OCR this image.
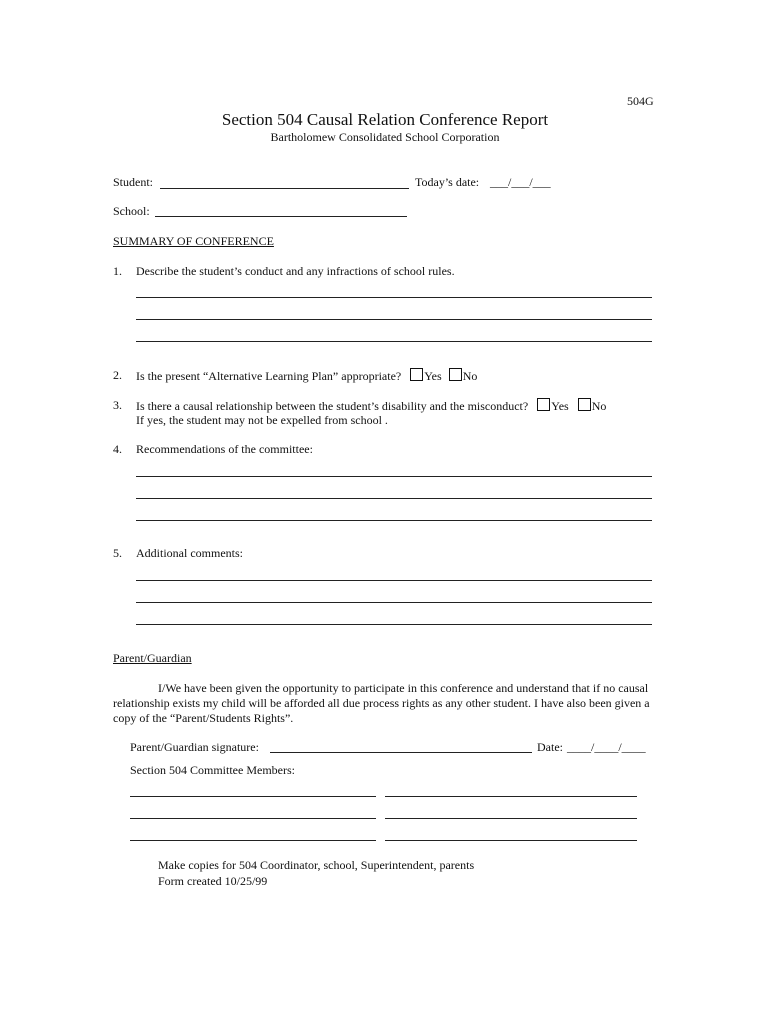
504G
Section 504 Causal Relation Conference Report
Bartholomew Consolidated School Corporation
Student:	Today’s date: ___/___/___
School:
SUMMARY OF CONFERENCE
1. Describe the student’s conduct and any infractions of school rules.
2. Is the present “Alternative Learning Plan” appropriate? Yes No
3. Is there a causal relationship between the student’s disability and the misconduct? Yes No
If yes, the student may not be expelled from school .
4. Recommendations of the committee:
5. Additional comments:
Parent/Guardian
I/We have been given the opportunity to participate in this conference and understand that if no causal relationship exists my child will be afforded all due process rights as any other student. I have also been given a copy of the “Parent/Students Rights”.
Parent/Guardian signature:	Date: ____/____/____
Section 504 Committee Members:
Make copies for 504 Coordinator, school, Superintendent, parents
Form created 10/25/99
